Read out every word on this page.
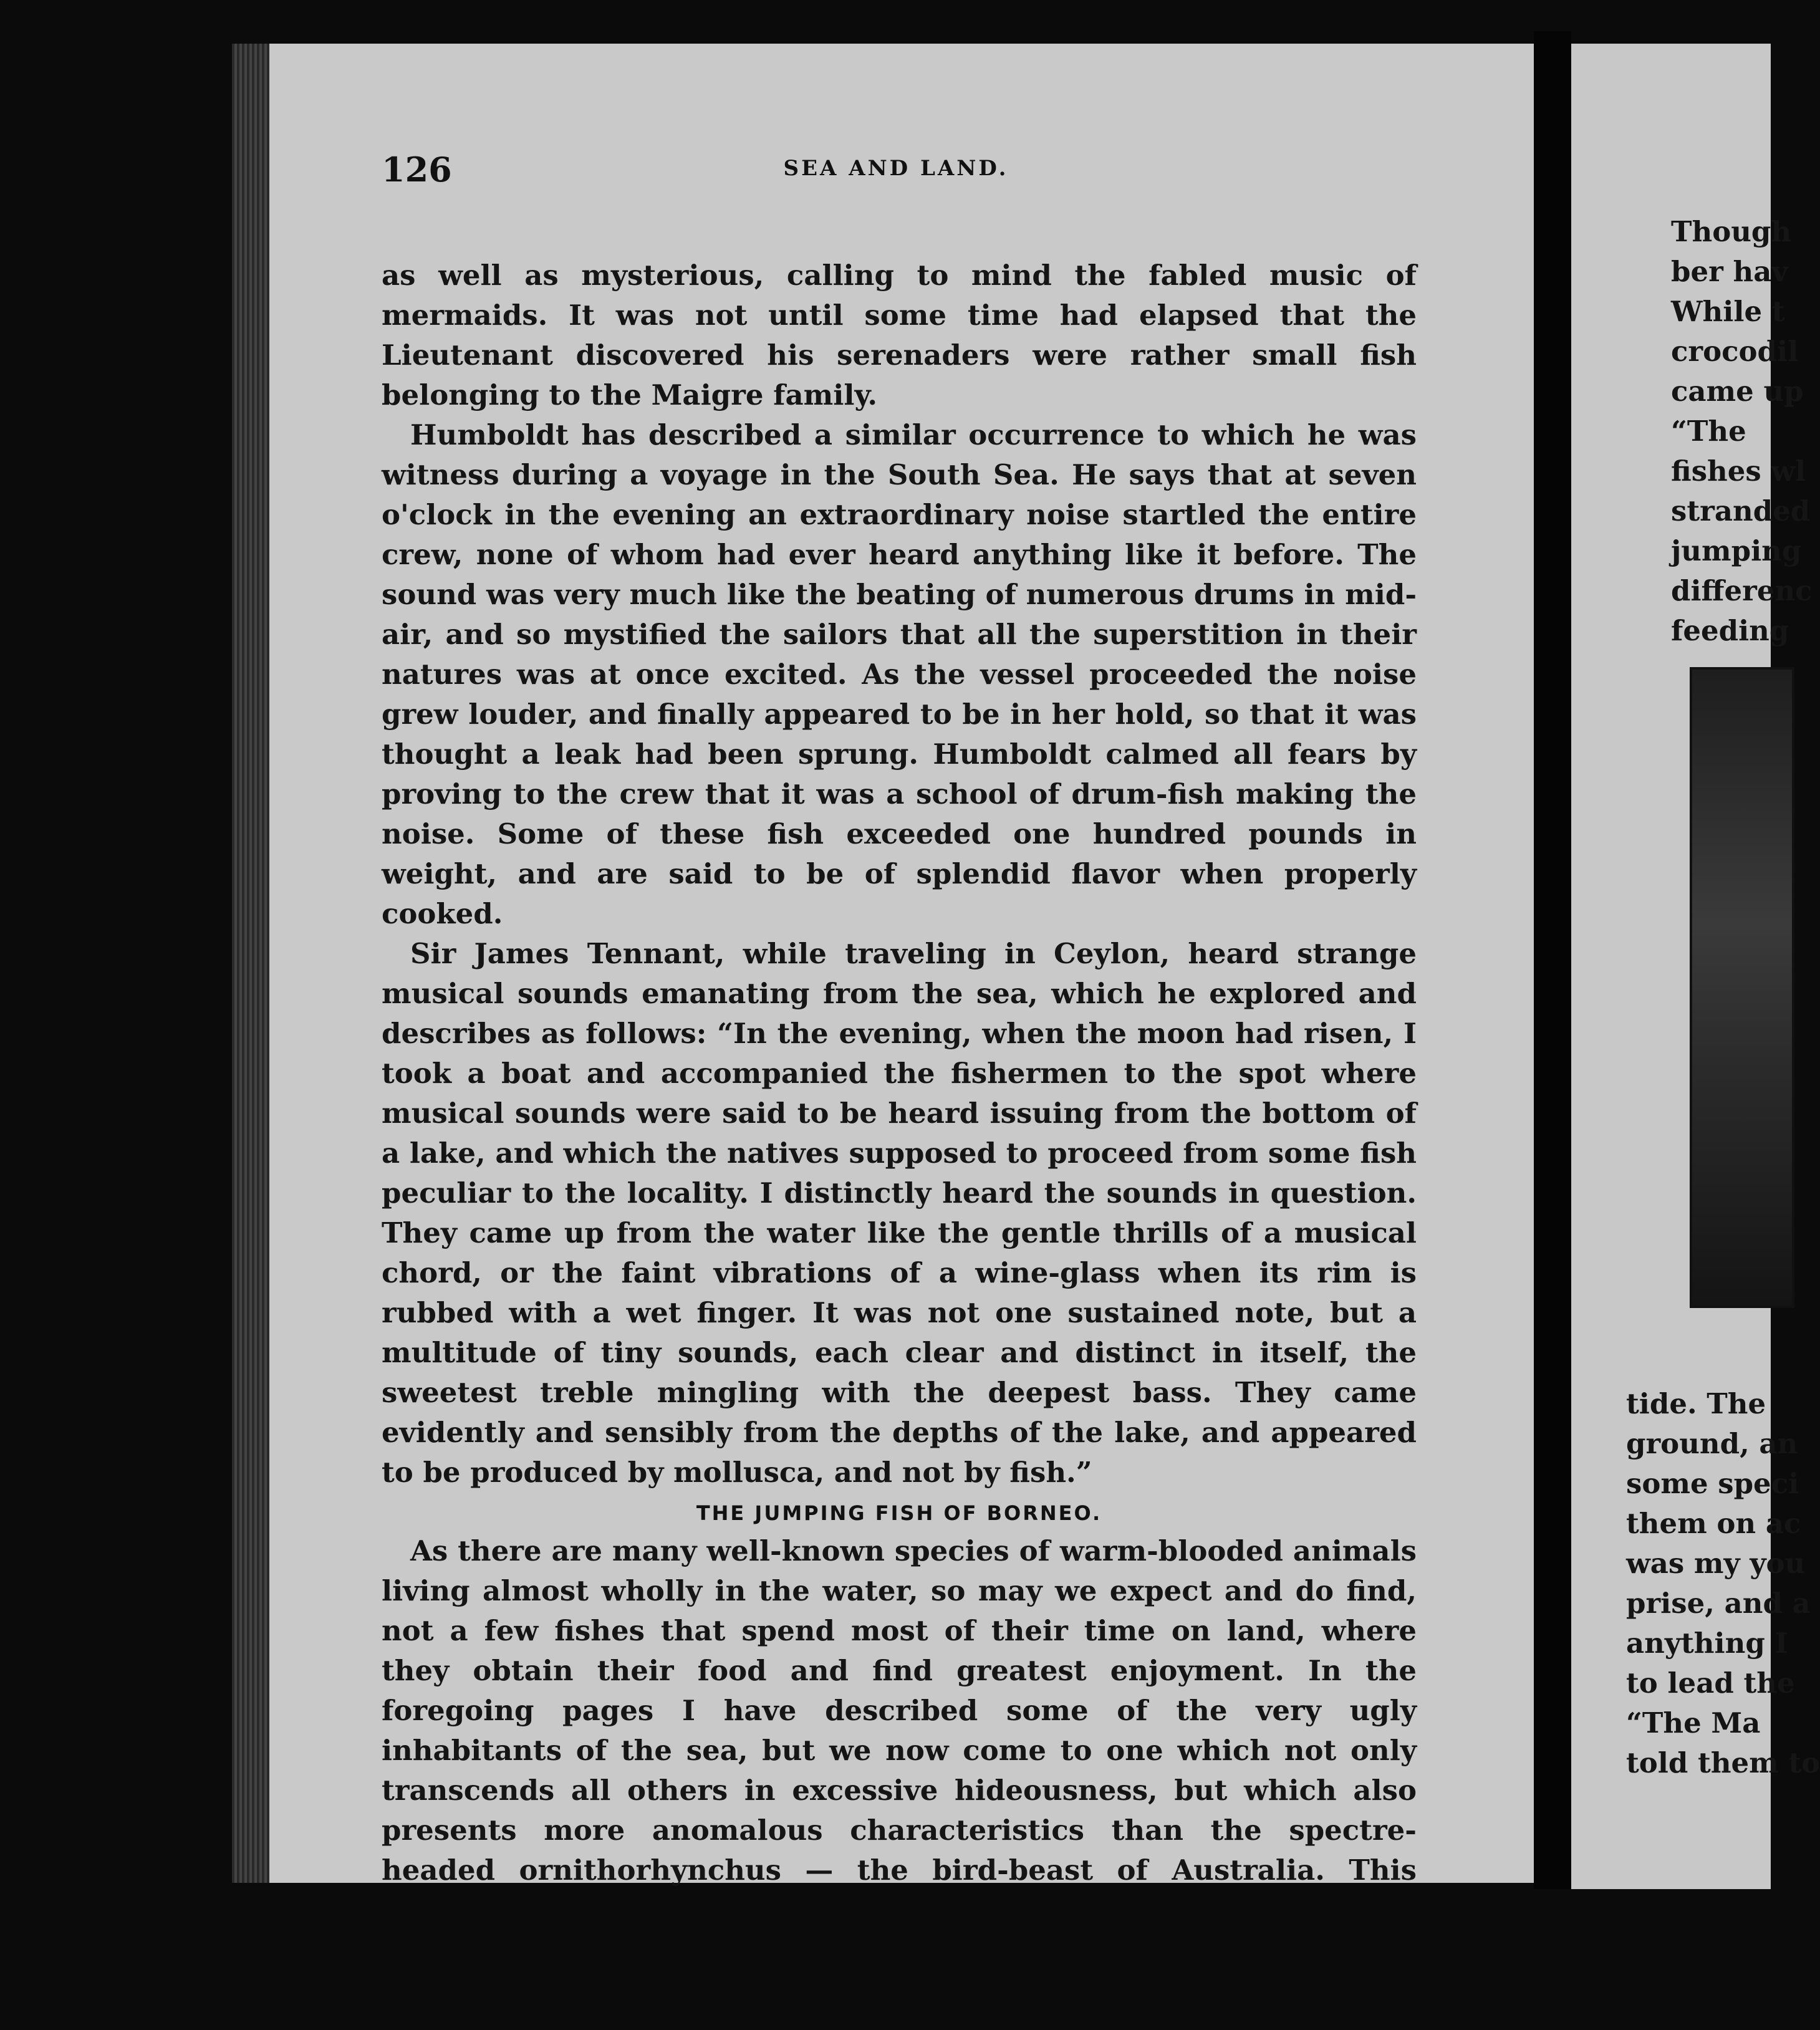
126	SEA AND LAND.

as well as mysterious, calling to mind the fabled music of mermaids. It was not until some time had elapsed that the Lieutenant discovered his serenaders were rather small fish belonging to the Maigre family.

Humboldt has described a similar occurrence to which he was witness during a voyage in the South Sea. He says that at seven o'clock in the evening an extraordinary noise startled the entire crew, none of whom had ever heard anything like it before. The sound was very much like the beating of numerous drums in mid-air, and so mystified the sailors that all the superstition in their natures was at once excited. As the vessel proceeded the noise grew louder, and finally appeared to be in her hold, so that it was thought a leak had been sprung. Humboldt calmed all fears by proving to the crew that it was a school of drum-fish making the noise. Some of these fish exceeded one hundred pounds in weight, and are said to be of splendid flavor when properly cooked.

Sir James Tennant, while traveling in Ceylon, heard strange musical sounds emanating from the sea, which he explored and describes as follows: “In the evening, when the moon had risen, I took a boat and accompanied the fishermen to the spot where musical sounds were said to be heard issuing from the bottom of a lake, and which the natives supposed to proceed from some fish peculiar to the locality. I distinctly heard the sounds in question. They came up from the water like the gentle thrills of a musical chord, or the faint vibrations of a wine-glass when its rim is rubbed with a wet finger. It was not one sustained note, but a multitude of tiny sounds, each clear and distinct in itself, the sweetest treble mingling with the deepest bass. They came evidently and sensibly from the depths of the lake, and appeared to be produced by mollusca, and not by fish.”

THE JUMPING FISH OF BORNEO.

As there are many well-known species of warm-blooded animals living almost wholly in the water, so may we expect and do find, not a few fishes that spend most of their time on land, where they obtain their food and find greatest enjoyment. In the foregoing pages I have described some of the very ugly inhabitants of the sea, but we now come to one which not only transcends all others in excessive hideousness, but which also presents more anomalous characteristics than the spectre-headed ornithorhynchus — the bird-beast of Australia. This

Though
ber hav
While t
crocodil
came up
“The
fishes wl
stranded
jumping
differenc
feeding
tide. The
ground, an
some speci
them on ac
was my you
prise, and a
anything I
to lead the
“The Ma
told them to
